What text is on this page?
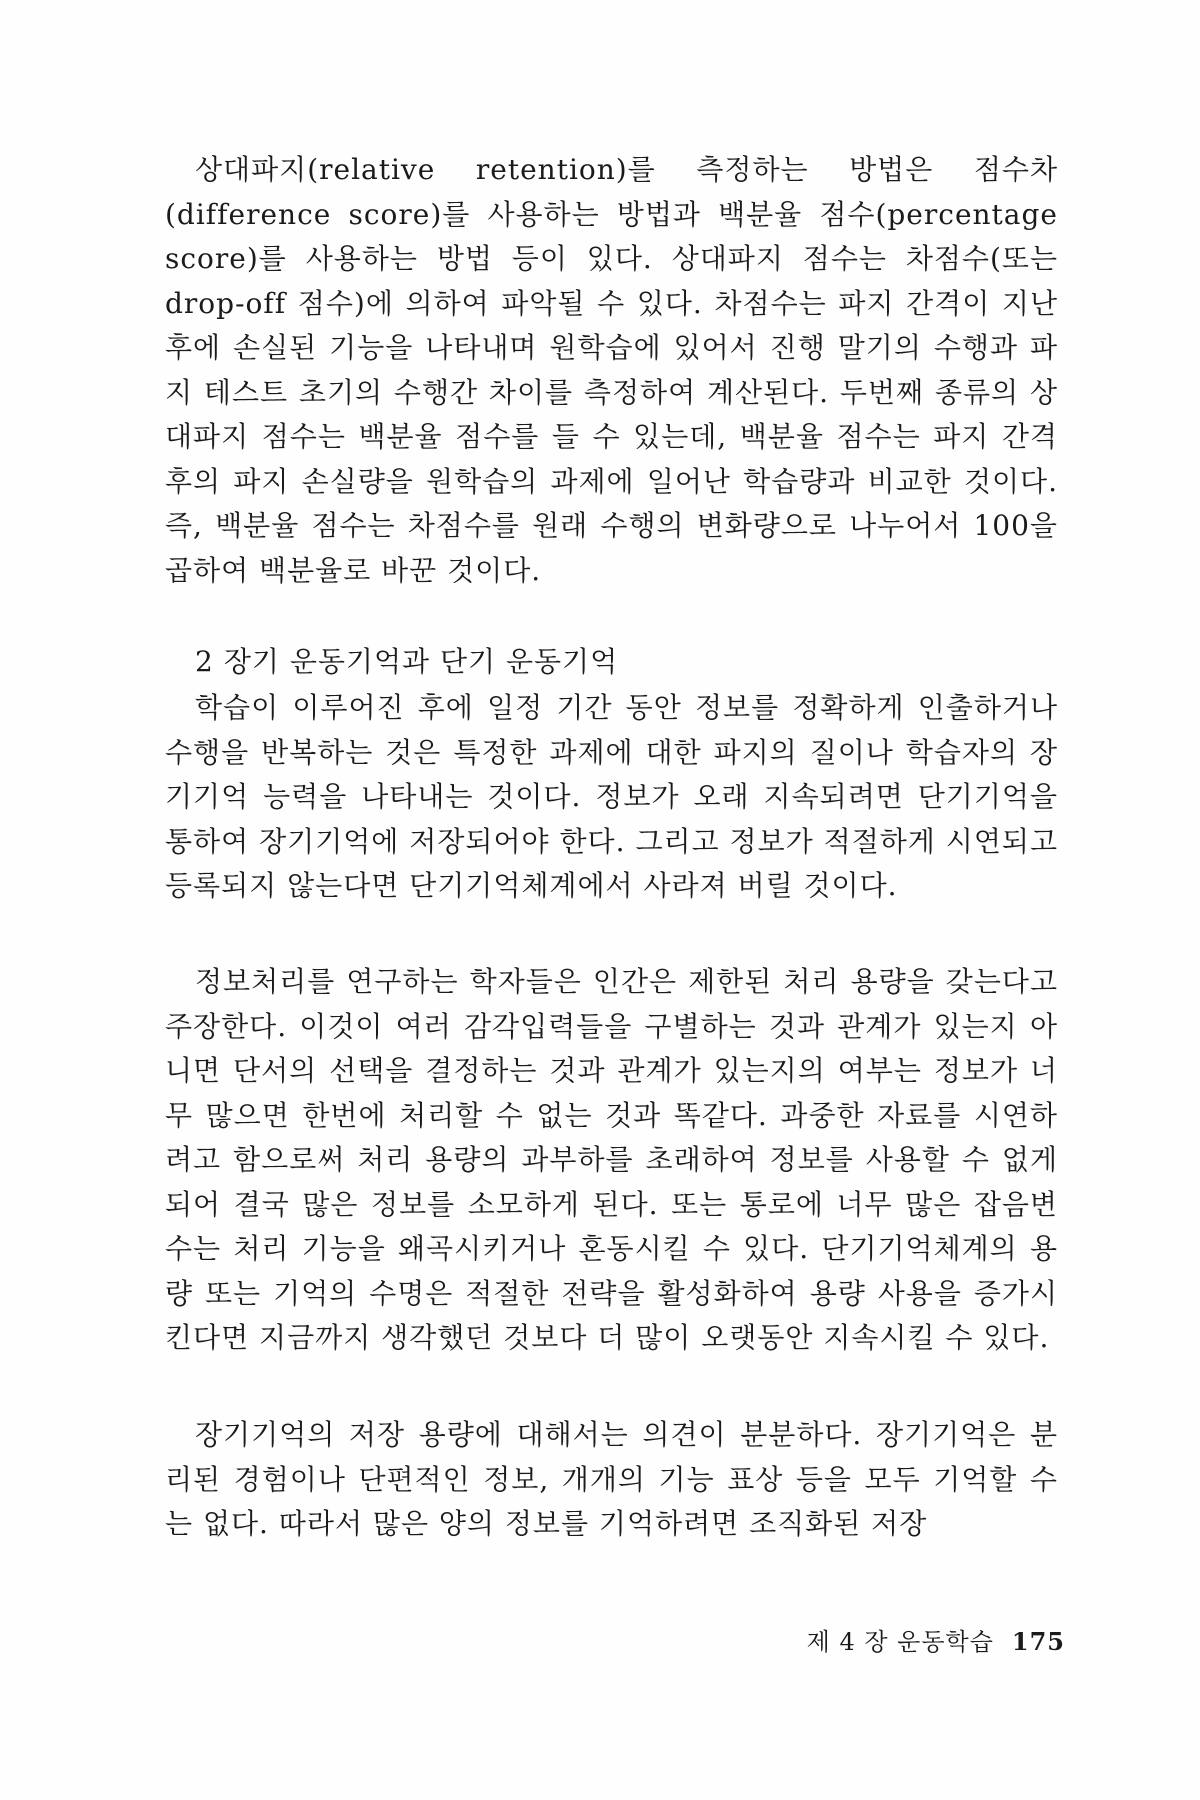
상대파지(relative retention)를 측정하는 방법은 점수차(difference score)를 사용하는 방법과 백분율 점수(percentage score)를 사용하는 방법 등이 있다. 상대파지 점수는 차점수(또는 drop-off 점수)에 의하여 파악될 수 있다. 차점수는 파지 간격이 지난 후에 손실된 기능을 나타내며 원학습에 있어서 진행 말기의 수행과 파지 테스트 초기의 수행간 차이를 측정하여 계산된다. 두번째 종류의 상대파지 점수는 백분율 점수를 들 수 있는데, 백분율 점수는 파지 간격 후의 파지 손실량을 원학습의 과제에 일어난 학습량과 비교한 것이다. 즉, 백분율 점수는 차점수를 원래 수행의 변화량으로 나누어서 100을 곱하여 백분율로 바꾼 것이다.

2 장기 운동기억과 단기 운동기억

학습이 이루어진 후에 일정 기간 동안 정보를 정확하게 인출하거나 수행을 반복하는 것은 특정한 과제에 대한 파지의 질이나 학습자의 장기기억 능력을 나타내는 것이다. 정보가 오래 지속되려면 단기기억을 통하여 장기기억에 저장되어야 한다. 그리고 정보가 적절하게 시연되고 등록되지 않는다면 단기기억체계에서 사라져 버릴 것이다.

정보처리를 연구하는 학자들은 인간은 제한된 처리 용량을 갖는다고 주장한다. 이것이 여러 감각입력들을 구별하는 것과 관계가 있는지 아니면 단서의 선택을 결정하는 것과 관계가 있는지의 여부는 정보가 너무 많으면 한번에 처리할 수 없는 것과 똑같다. 과중한 자료를 시연하려고 함으로써 처리 용량의 과부하를 초래하여 정보를 사용할 수 없게 되어 결국 많은 정보를 소모하게 된다. 또는 통로에 너무 많은 잡음변수는 처리 기능을 왜곡시키거나 혼동시킬 수 있다. 단기기억체계의 용량 또는 기억의 수명은 적절한 전략을 활성화하여 용량 사용을 증가시킨다면 지금까지 생각했던 것보다 더 많이 오랫동안 지속시킬 수 있다.

장기기억의 저장 용량에 대해서는 의견이 분분하다. 장기기억은 분리된 경험이나 단편적인 정보, 개개의 기능 표상 등을 모두 기억할 수는 없다. 따라서 많은 양의 정보를 기억하려면 조직화된 저장

제 4 장 운동학습 175
